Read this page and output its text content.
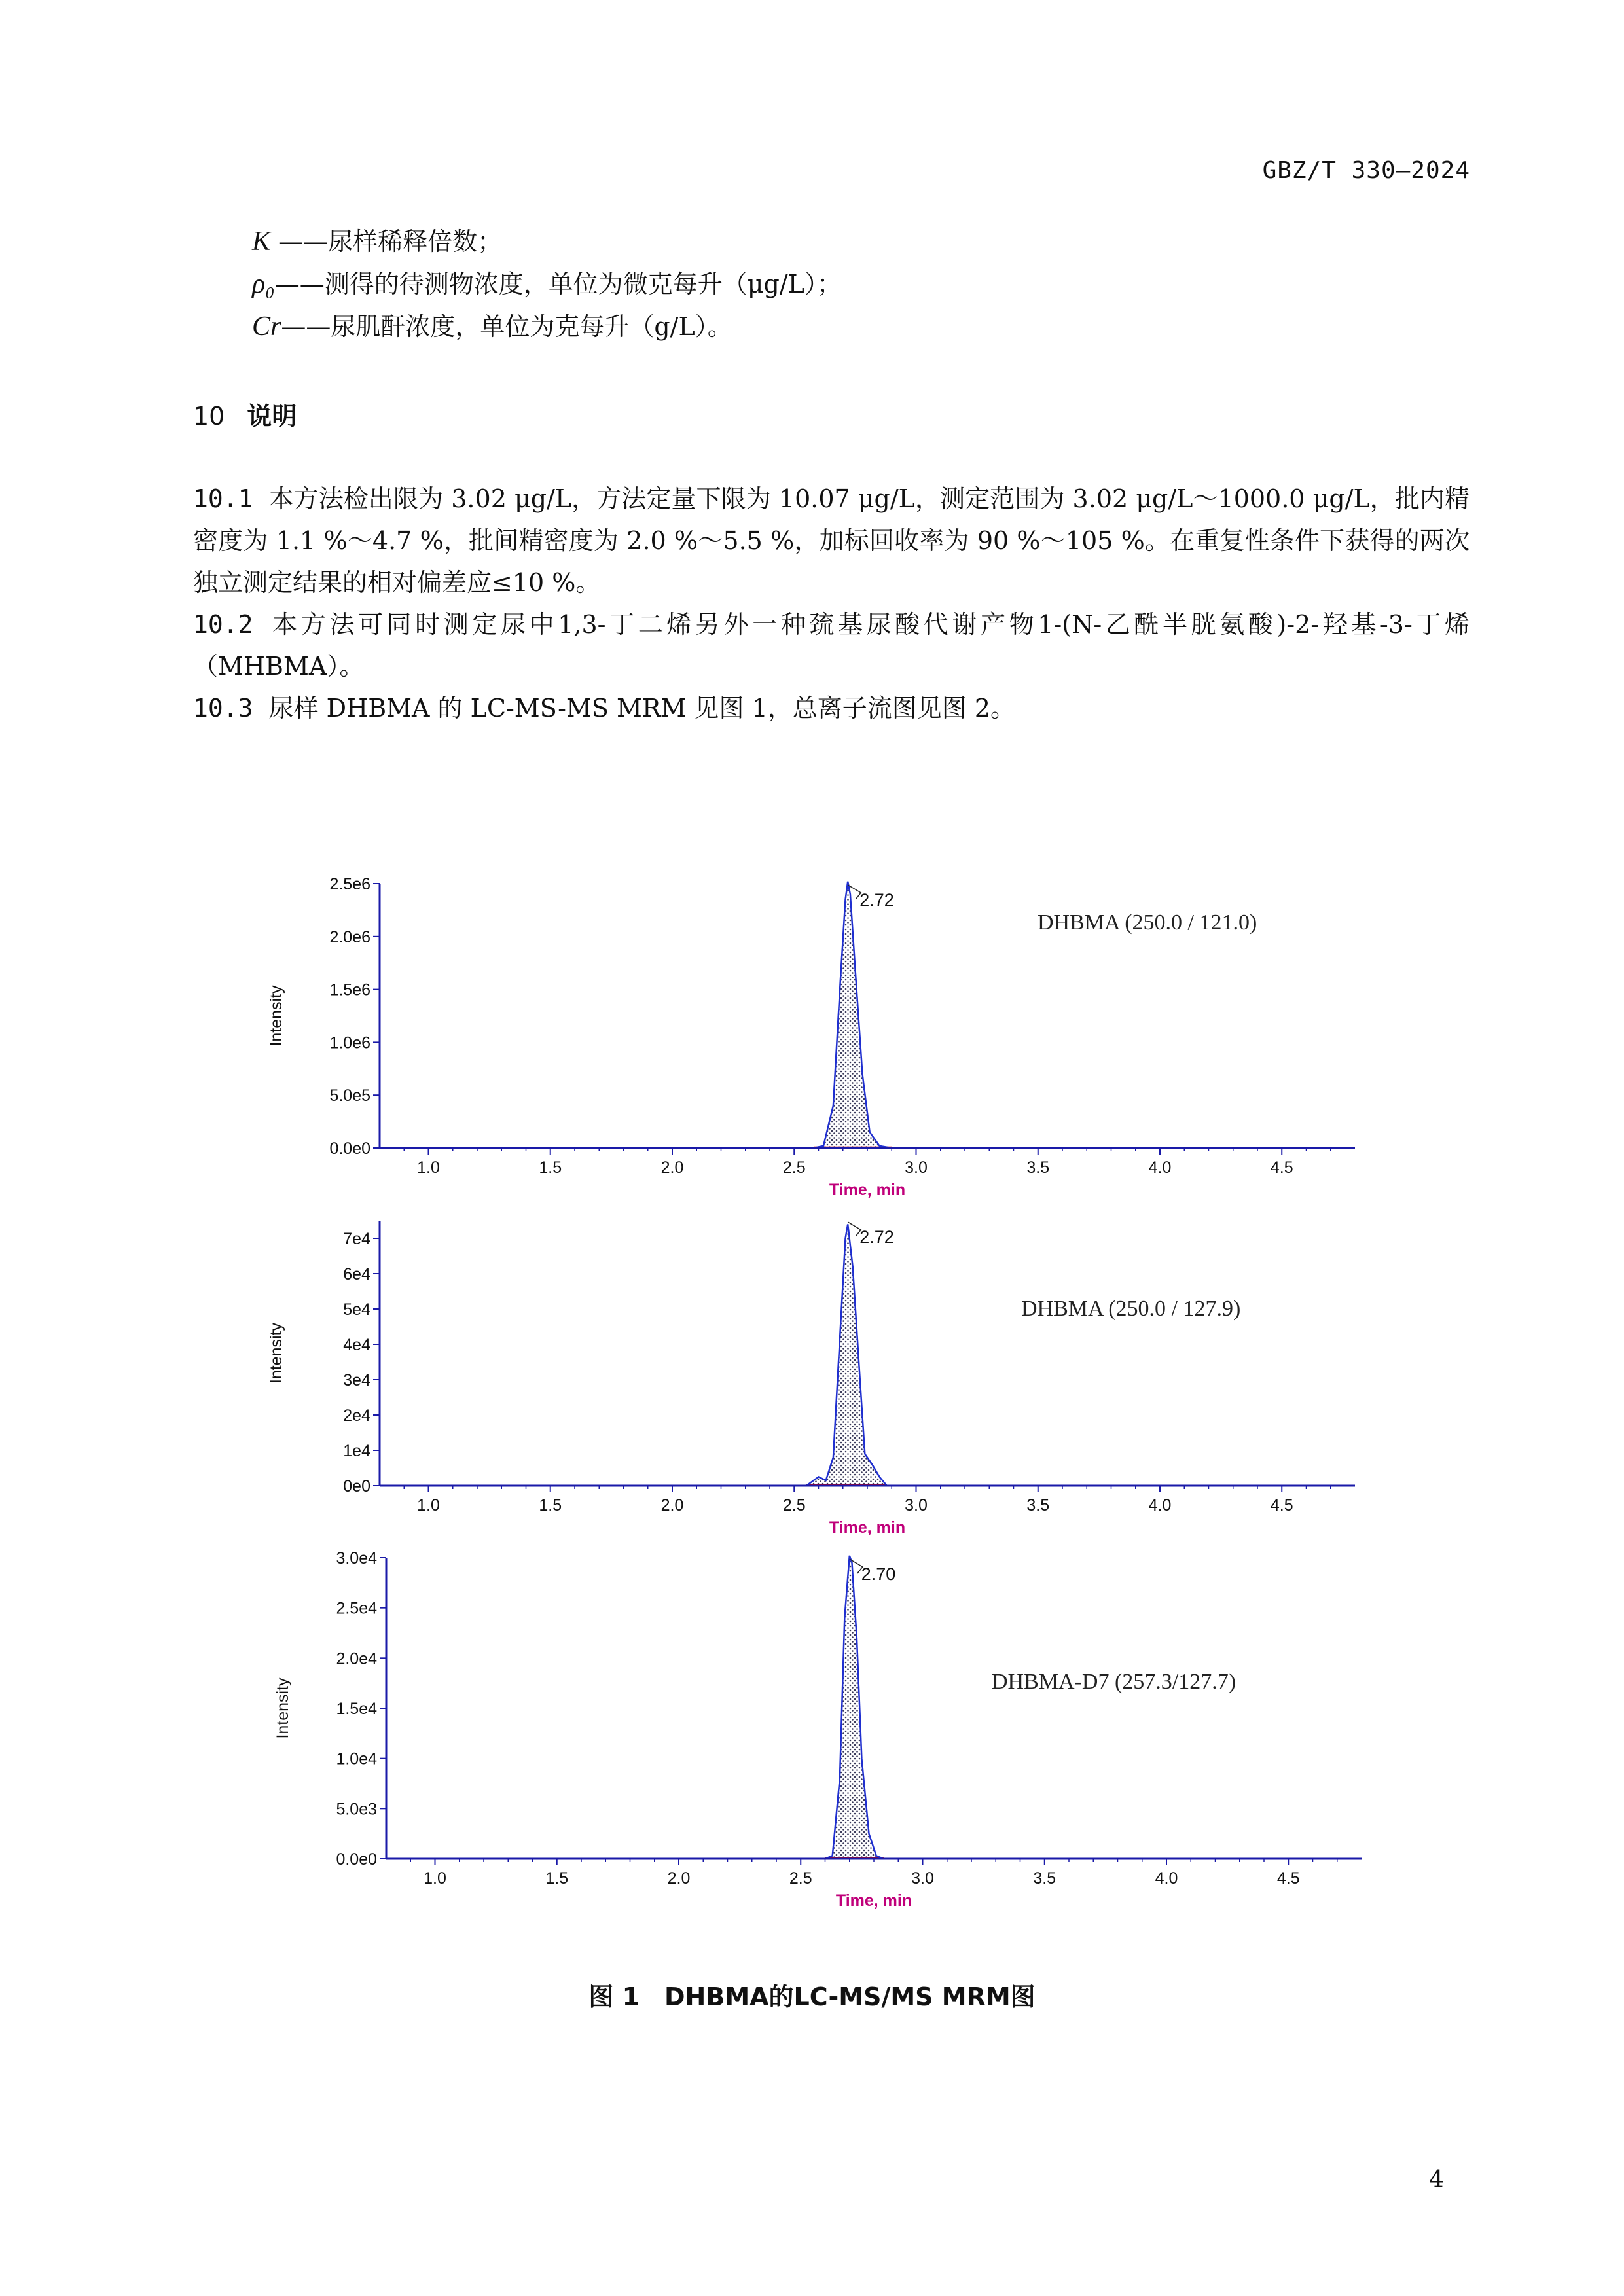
GBZ/T 330—2024
K ——尿样稀释倍数；
ρ₀——测得的待测物浓度，单位为微克每升（μg/L）；
Cr——尿肌酐浓度，单位为克每升（g/L）。
10 说明
10.1 本方法检出限为 3.02 μg/L，方法定量下限为 10.07 μg/L，测定范围为 3.02 μg/L～1000.0 μg/L，批内精密度为 1.1 %～4.7 %，批间精密度为 2.0 %～5.5 %，加标回收率为 90 %～105 %。在重复性条件下获得的两次独立测定结果的相对偏差应≤10 %。
10.2 本方法可同时测定尿中1,3-丁二烯另外一种巯基尿酸代谢产物1-(N-乙酰半胱氨酸)-2-羟基-3-丁烯（MHBMA）。
10.3 尿样 DHBMA 的 LC-MS-MS MRM 见图 1，总离子流图见图 2。
0.0e0
5.0e5
1.0e6
1.5e6
2.0e6
2.5e6
1.0	1.5	2.0	2.5	3.0	3.5	4.0	4.5
Time, min
Intensity
2.72
DHBMA (250.0 / 121.0)
0e0
1e4
2e4
3e4
4e4
5e4
6e4
7e4
1.0	1.5	2.0	2.5	3.0	3.5	4.0	4.5
Time, min
Intensity
2.72
DHBMA (250.0 / 127.9)
0.0e0
5.0e3
1.0e4
1.5e4
2.0e4
2.5e4
3.0e4
1.0	1.5	2.0	2.5	3.0	3.5	4.0	4.5
Time, min
Intensity
2.70
DHBMA-D7 (257.3/127.7)
图 1　DHBMA的LC-MS/MS MRM图
4
